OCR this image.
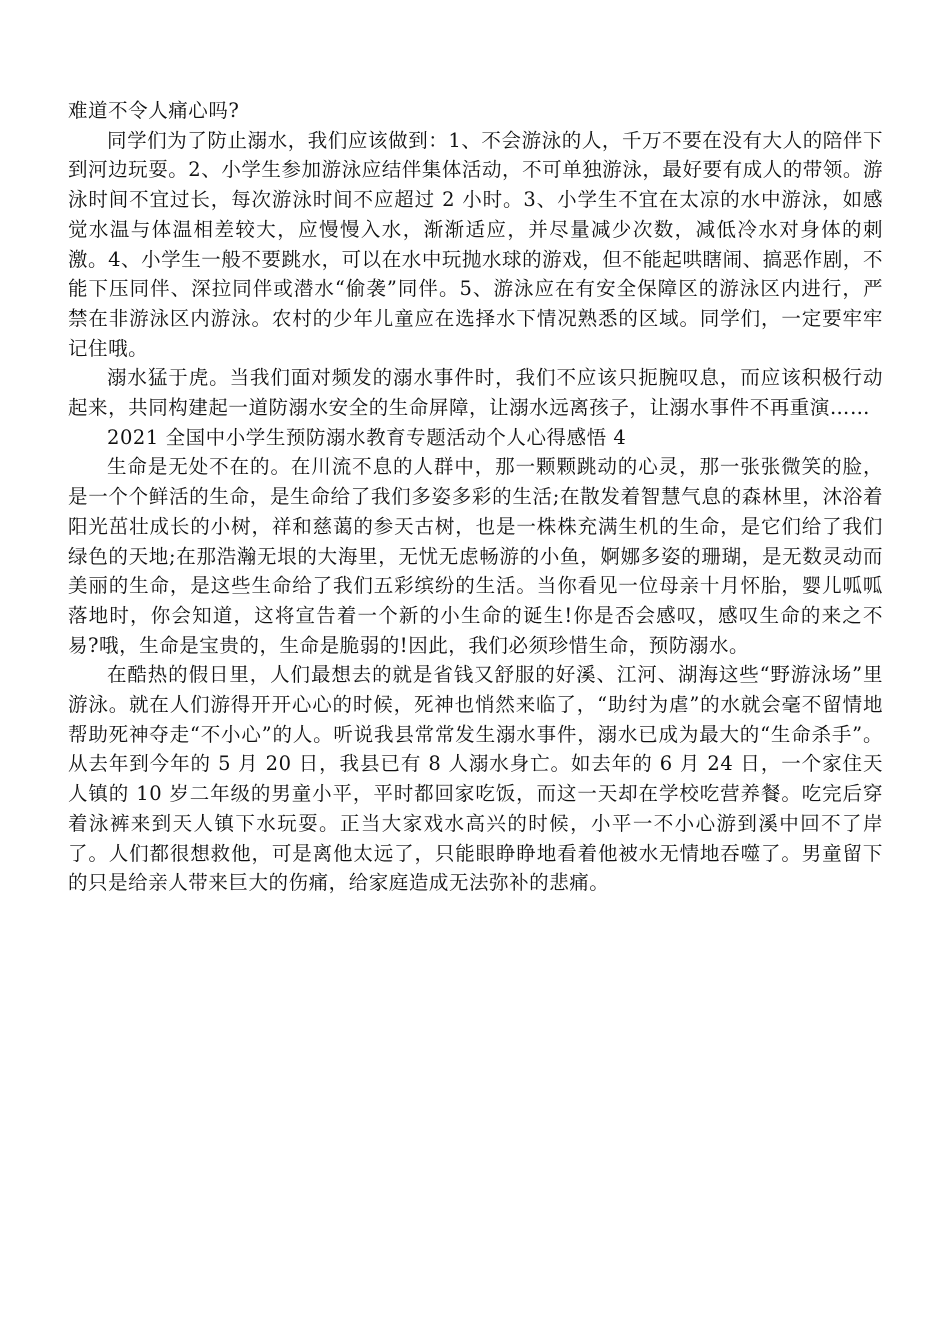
难道不令人痛心吗?

同学们为了防止溺水，我们应该做到：1、不会游泳的人，千万不要在没有大人的陪伴下到河边玩耍。2、小学生参加游泳应结伴集体活动，不可单独游泳，最好要有成人的带领。游泳时间不宜过长，每次游泳时间不应超过 2 小时。3、小学生不宜在太凉的水中游泳，如感觉水温与体温相差较大，应慢慢入水，渐渐适应，并尽量减少次数，减低冷水对身体的刺激。4、小学生一般不要跳水，可以在水中玩抛水球的游戏，但不能起哄瞎闹、搞恶作剧，不能下压同伴、深拉同伴或潜水“偷袭”同伴。5、游泳应在有安全保障区的游泳区内进行，严禁在非游泳区内游泳。农村的少年儿童应在选择水下情况熟悉的区域。同学们，一定要牢牢记住哦。

溺水猛于虎。当我们面对频发的溺水事件时，我们不应该只扼腕叹息，而应该积极行动起来，共同构建起一道防溺水安全的生命屏障，让溺水远离孩子，让溺水事件不再重演……

2021 全国中小学生预防溺水教育专题活动个人心得感悟 4

生命是无处不在的。在川流不息的人群中，那一颗颗跳动的心灵，那一张张微笑的脸，是一个个鲜活的生命，是生命给了我们多姿多彩的生活;在散发着智慧气息的森林里，沐浴着阳光茁壮成长的小树，祥和慈蔼的参天古树，也是一株株充满生机的生命，是它们给了我们绿色的天地;在那浩瀚无垠的大海里，无忧无虑畅游的小鱼，婀娜多姿的珊瑚，是无数灵动而美丽的生命，是这些生命给了我们五彩缤纷的生活。当你看见一位母亲十月怀胎，婴儿呱呱落地时，你会知道，这将宣告着一个新的小生命的诞生!你是否会感叹，感叹生命的来之不易?哦，生命是宝贵的，生命是脆弱的!因此，我们必须珍惜生命，预防溺水。

在酷热的假日里，人们最想去的就是省钱又舒服的好溪、江河、湖海这些“野游泳场”里游泳。就在人们游得开开心心的时候，死神也悄然来临了，“助纣为虐”的水就会毫不留情地帮助死神夺走“不小心”的人。听说我县常常发生溺水事件，溺水已成为最大的“生命杀手”。从去年到今年的 5 月 20 日，我县已有 8 人溺水身亡。如去年的 6 月 24 日，一个家住天人镇的 10 岁二年级的男童小平，平时都回家吃饭，而这一天却在学校吃营养餐。吃完后穿着泳裤来到天人镇下水玩耍。正当大家戏水高兴的时候，小平一不小心游到溪中回不了岸了。人们都很想救他，可是离他太远了，只能眼睁睁地看着他被水无情地吞噬了。男童留下的只是给亲人带来巨大的伤痛，给家庭造成无法弥补的悲痛。
